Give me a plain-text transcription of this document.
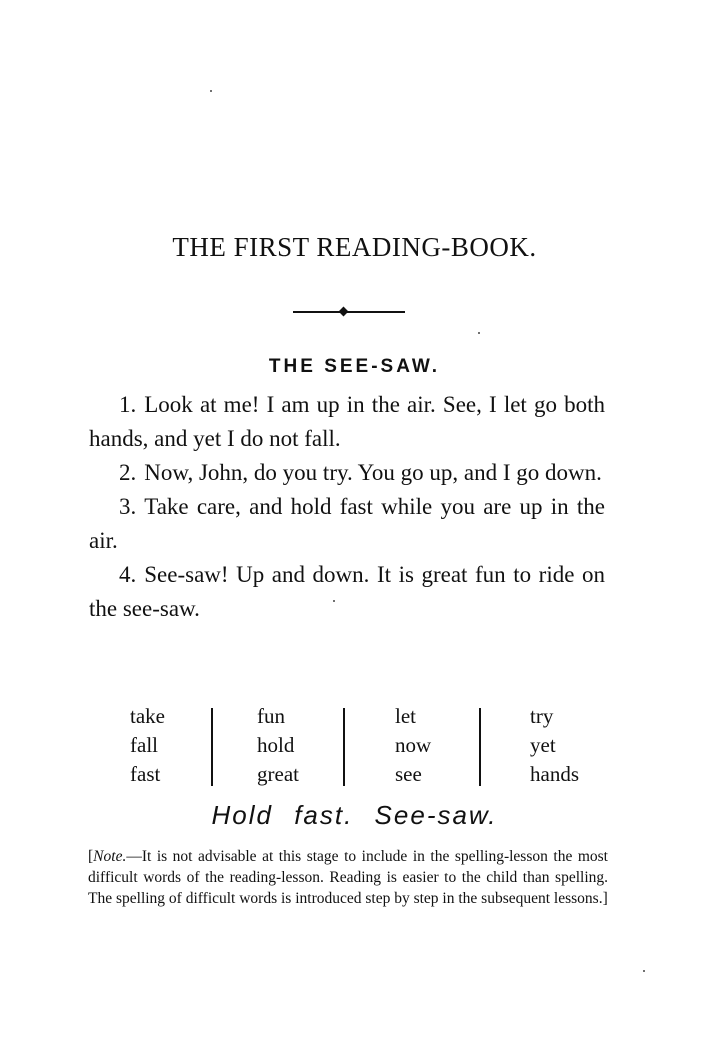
THE FIRST READING-BOOK.
THE SEE-SAW.

1. Look at me! I am up in the air. See, I let go both hands, and yet I do not fall.

2. Now, John, do you try. You go up, and I go down.

3. Take care, and hold fast while you are up in the air.

4. See-saw! Up and down. It is great fun to ride on the see-saw.

take
fall
fast
fun
hold
great
let
now
see
try
yet
hands
Hold fast. See-saw.
[Note.—It is not advisable at this stage to include in the spelling-lesson the most difficult words of the reading-lesson. Reading is easier to the child than spelling. The spelling of difficult words is introduced step by step in the subsequent lessons.]
